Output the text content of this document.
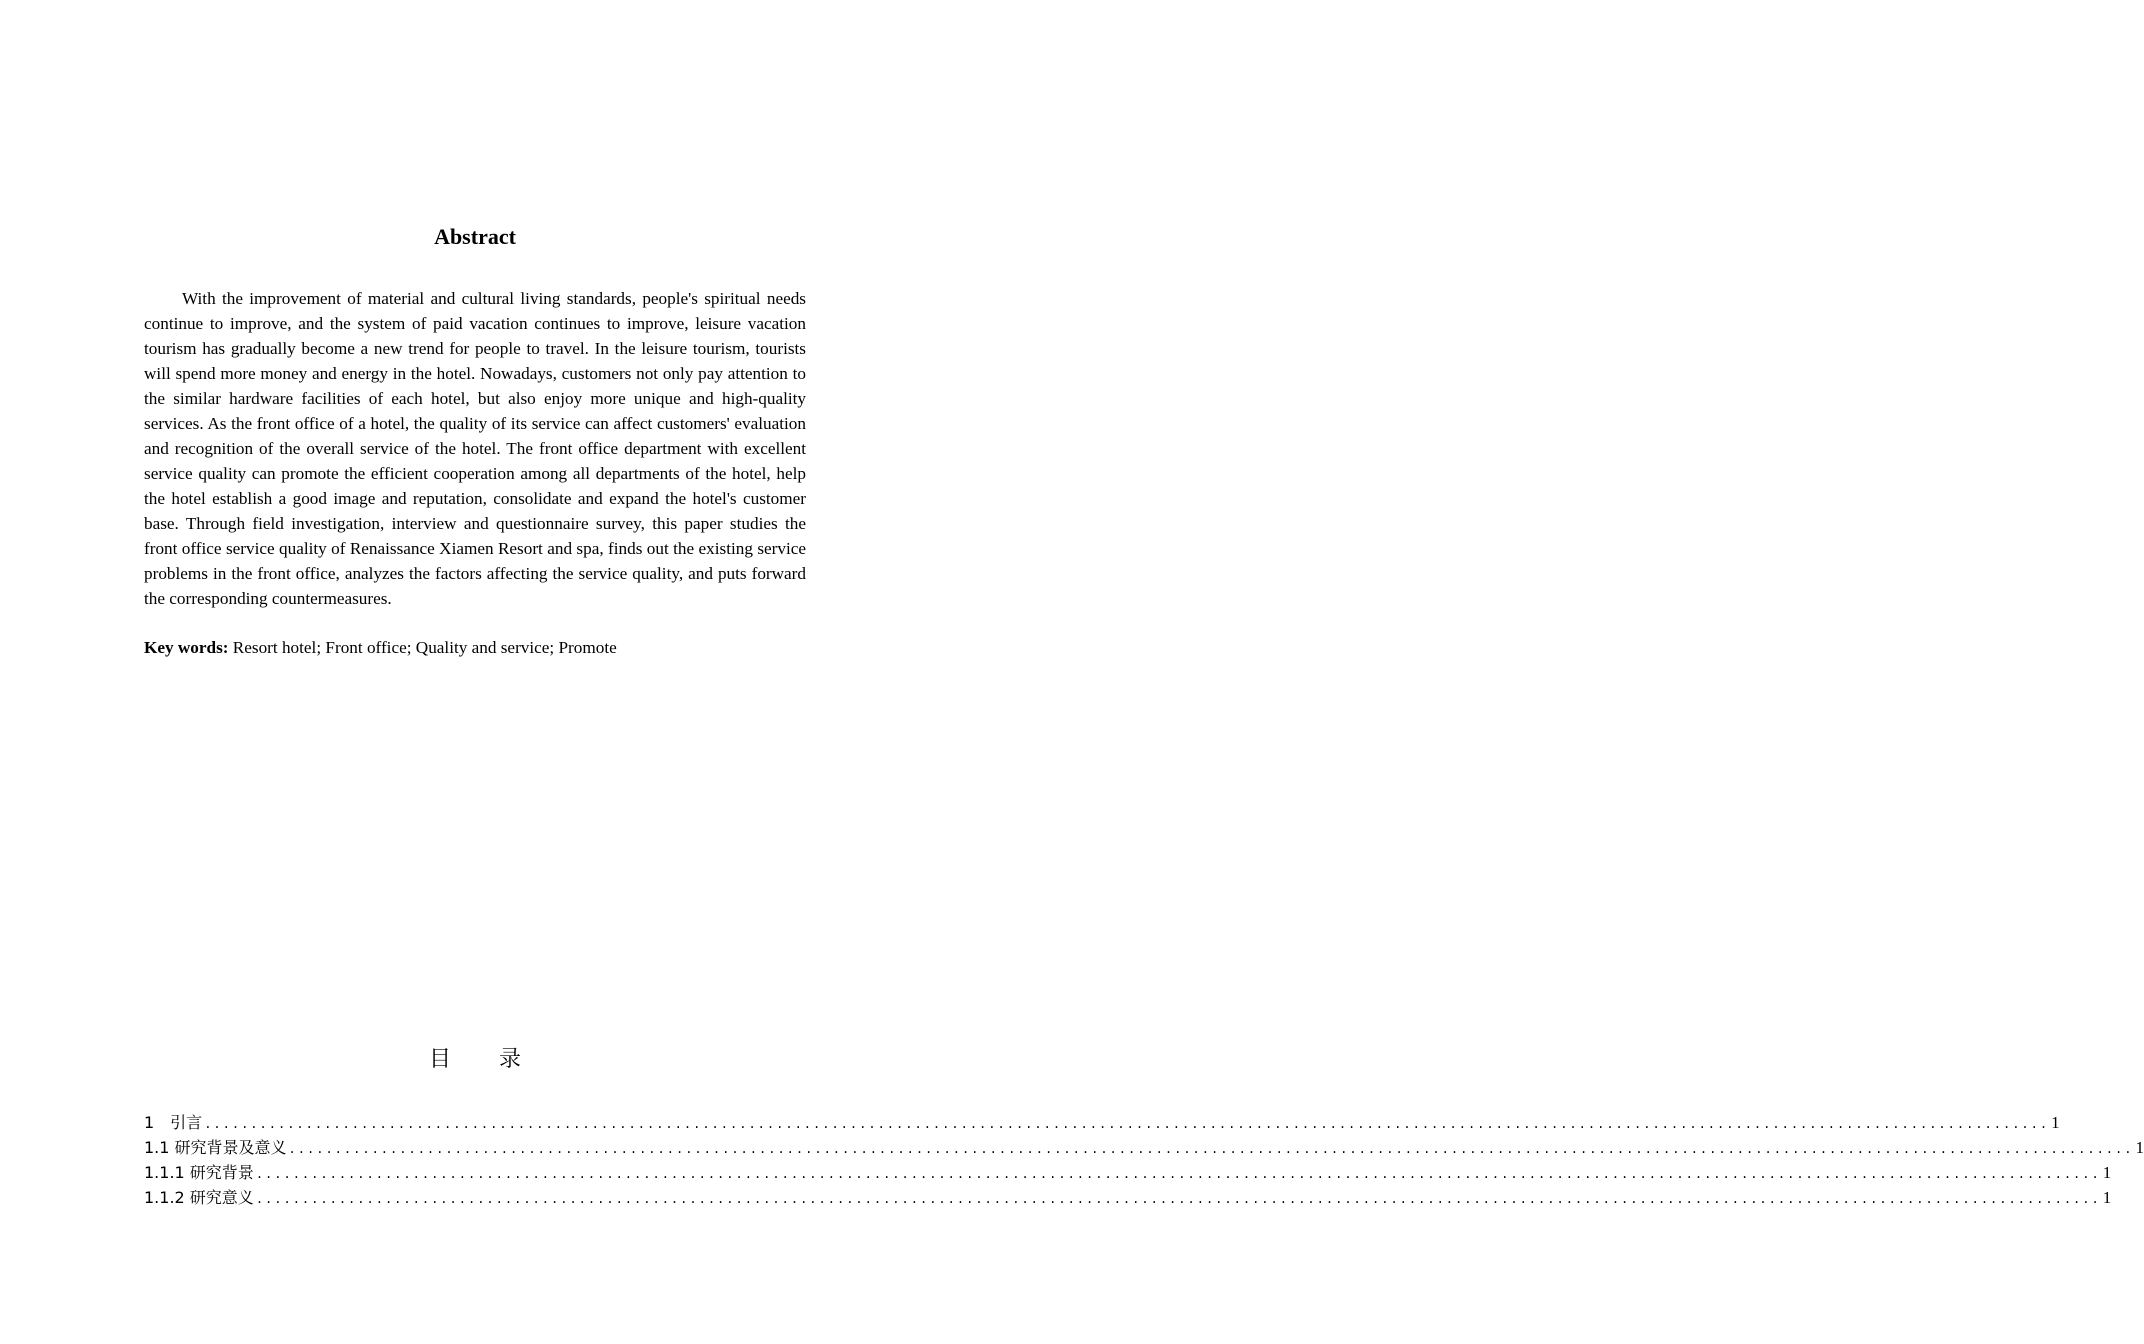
Abstract

With the improvement of material and cultural living standards, people's spiritual needs continue to improve, and the system of paid vacation continues to improve, leisure vacation tourism has gradually become a new trend for people to travel. In the leisure tourism, tourists will spend more money and energy in the hotel. Nowadays, customers not only pay attention to the similar hardware facilities of each hotel, but also enjoy more unique and high-quality services. As the front office of a hotel, the quality of its service can affect customers' evaluation and recognition of the overall service of the hotel. The front office department with excellent service quality can promote the efficient cooperation among all departments of the hotel, help the hotel establish a good image and reputation, consolidate and expand the hotel's customer base. Through field investigation, interview and questionnaire survey, this paper studies the front office service quality of Renaissance Xiamen Resort and spa, finds out the existing service problems in the front office, analyzes the factors affecting the service quality, and puts forward the corresponding countermeasures.

Key words: Resort hotel; Front office; Quality and service; Promote

目 录
1　引言 ........................................................................................................................................................................................................ 1
1.1 研究背景及意义 ........................................................................................................................................................................................................ 1
1.1.1 研究背景 ........................................................................................................................................................................................................ 1
1.1.2 研究意义 ........................................................................................................................................................................................................ 1
